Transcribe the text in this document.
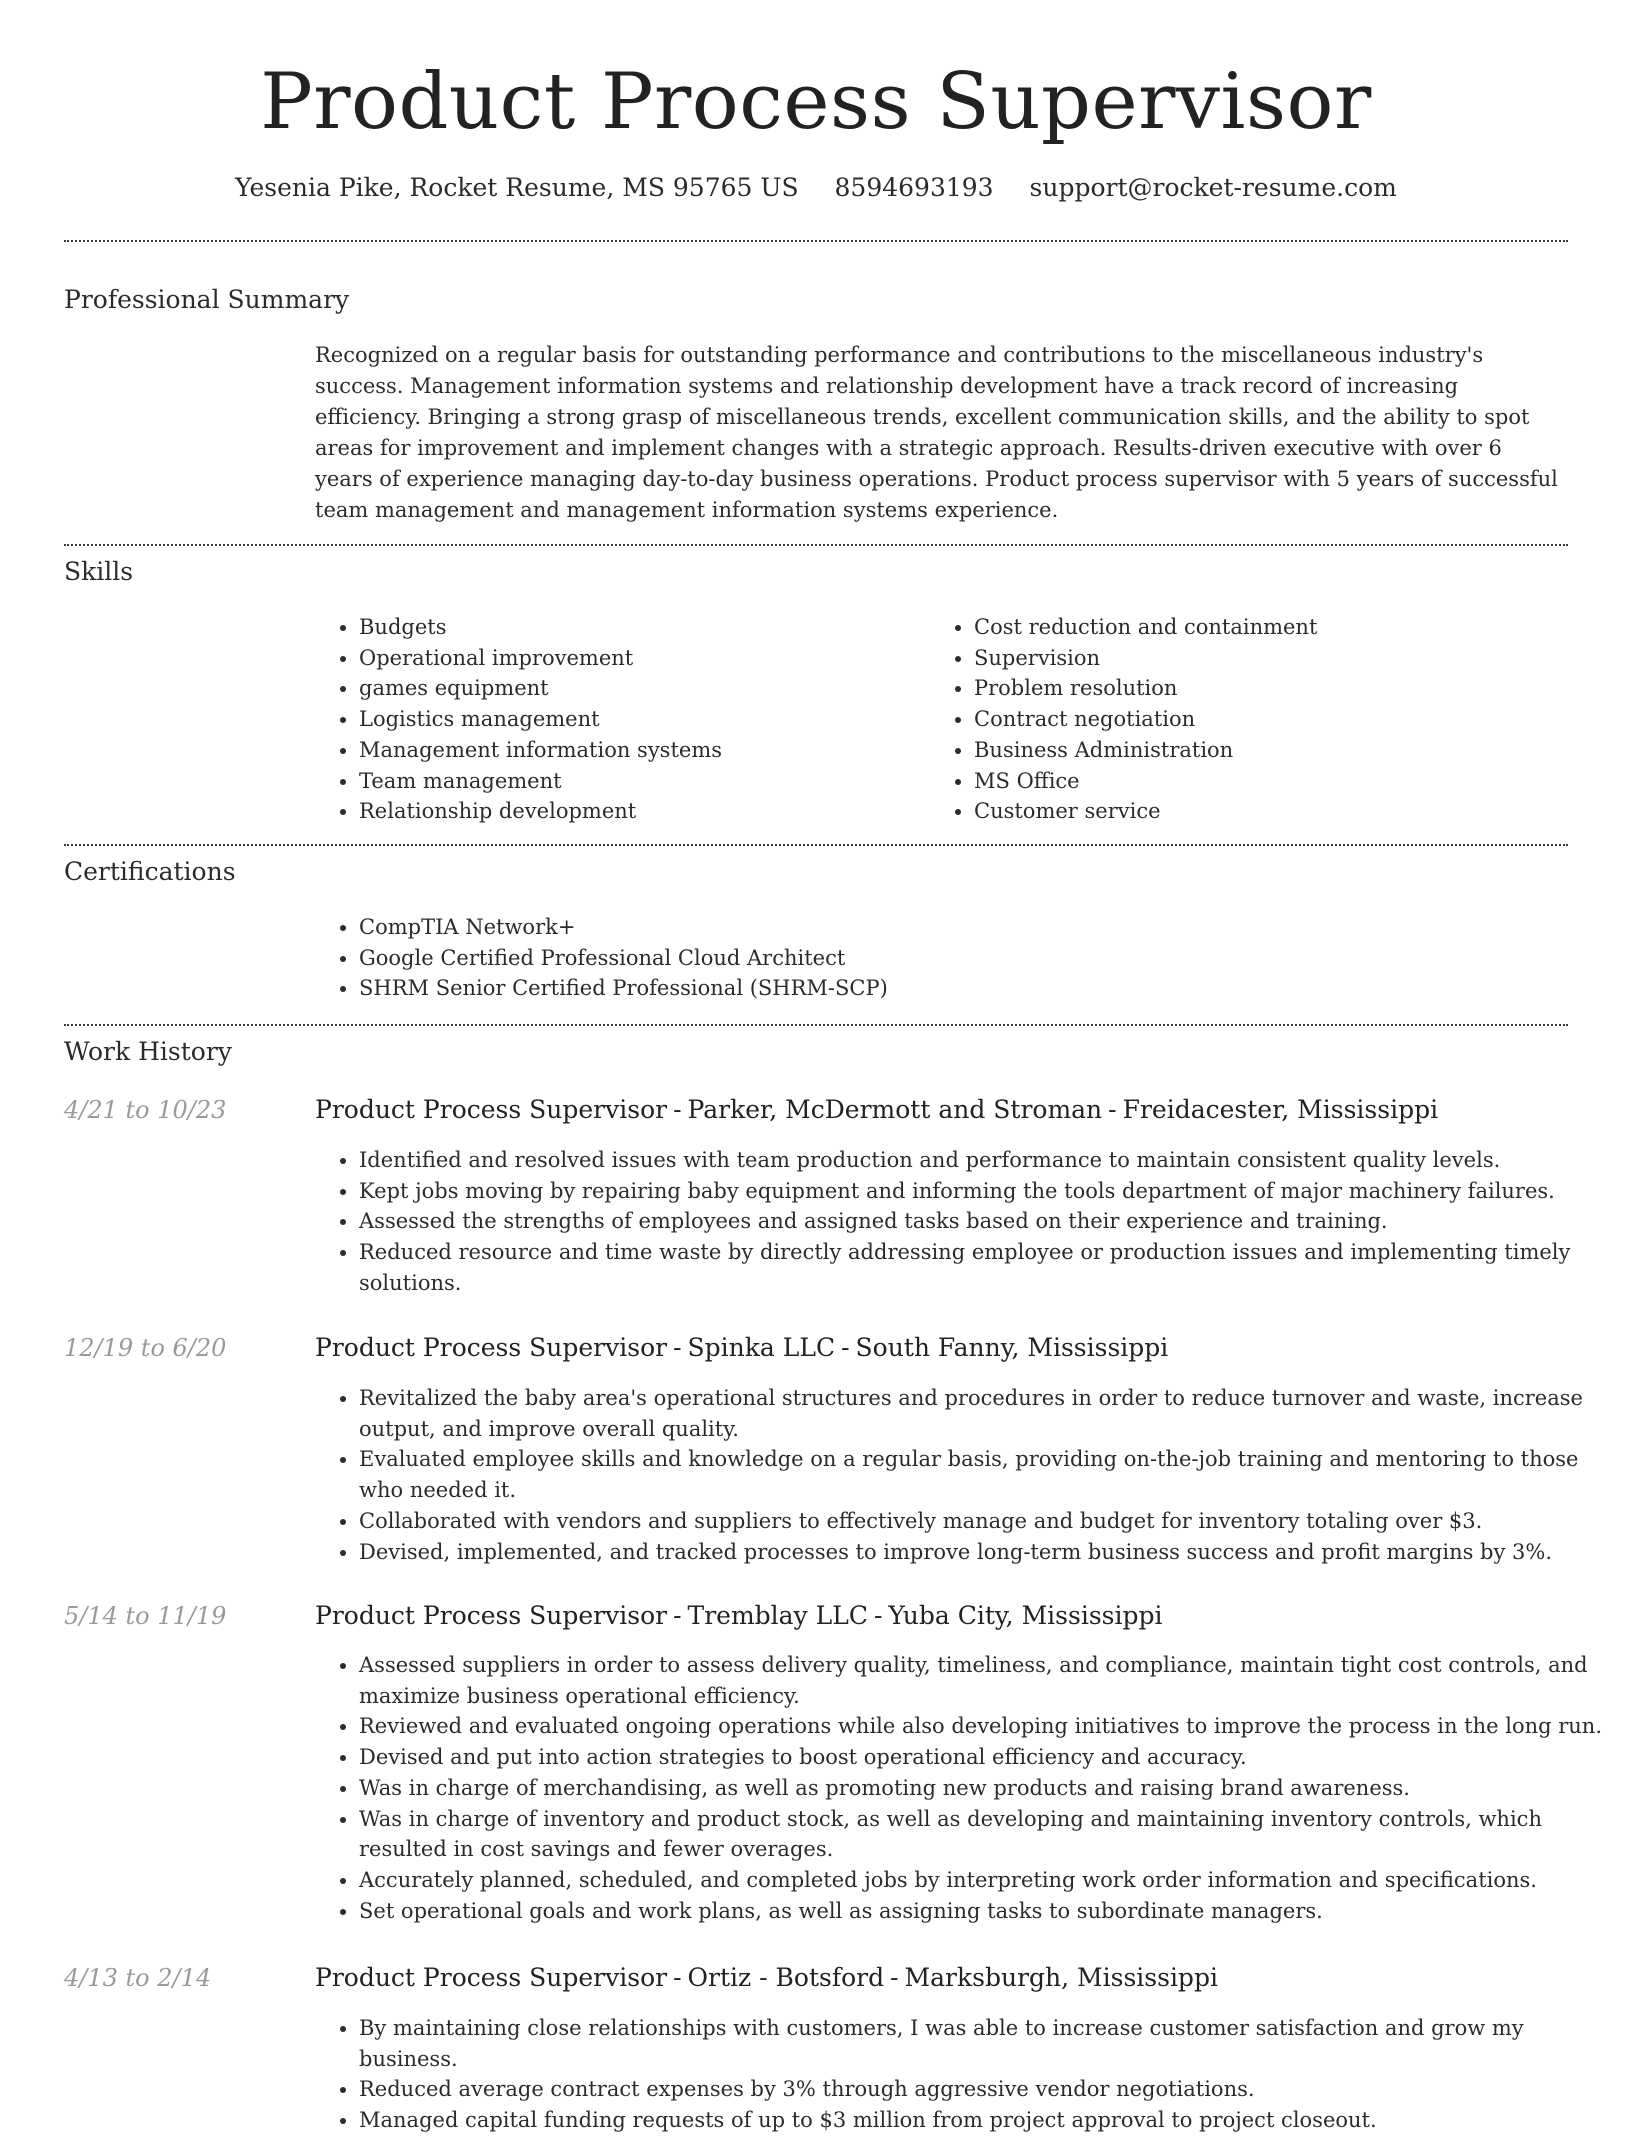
Product Process Supervisor
Yesenia Pike, Rocket Resume, MS 95765 US 8594693193 support@rocket-resume.com
Professional Summary

Recognized on a regular basis for outstanding performance and contributions to the miscellaneous industry's success. Management information systems and relationship development have a track record of increasing efficiency. Bringing a strong grasp of miscellaneous trends, excellent communication skills, and the ability to spot areas for improvement and implement changes with a strategic approach. Results-driven executive with over 6 years of experience managing day-to-day business operations. Product process supervisor with 5 years of successful team management and management information systems experience.

Skills
• Budgets
• Operational improvement
• games equipment
• Logistics management
• Management information systems
• Team management
• Relationship development
• Cost reduction and containment
• Supervision
• Problem resolution
• Contract negotiation
• Business Administration
• MS Office
• Customer service
Certifications
• CompTIA Network+
• Google Certified Professional Cloud Architect
• SHRM Senior Certified Professional (SHRM-SCP)
Work History
4/21 to 10/23	Product Process Supervisor - Parker, McDermott and Stroman - Freidacester, Mississippi
• Identified and resolved issues with team production and performance to maintain consistent quality levels.
• Kept jobs moving by repairing baby equipment and informing the tools department of major machinery failures.
• Assessed the strengths of employees and assigned tasks based on their experience and training.
• Reduced resource and time waste by directly addressing employee or production issues and implementing timely solutions.
12/19 to 6/20	Product Process Supervisor - Spinka LLC - South Fanny, Mississippi
• Revitalized the baby area's operational structures and procedures in order to reduce turnover and waste, increase output, and improve overall quality.
• Evaluated employee skills and knowledge on a regular basis, providing on-the-job training and mentoring to those who needed it.
• Collaborated with vendors and suppliers to effectively manage and budget for inventory totaling over $3.
• Devised, implemented, and tracked processes to improve long-term business success and profit margins by 3%.
5/14 to 11/19	Product Process Supervisor - Tremblay LLC - Yuba City, Mississippi
• Assessed suppliers in order to assess delivery quality, timeliness, and compliance, maintain tight cost controls, and maximize business operational efficiency.
• Reviewed and evaluated ongoing operations while also developing initiatives to improve the process in the long run.
• Devised and put into action strategies to boost operational efficiency and accuracy.
• Was in charge of merchandising, as well as promoting new products and raising brand awareness.
• Was in charge of inventory and product stock, as well as developing and maintaining inventory controls, which resulted in cost savings and fewer overages.
• Accurately planned, scheduled, and completed jobs by interpreting work order information and specifications.
• Set operational goals and work plans, as well as assigning tasks to subordinate managers.
4/13 to 2/14	Product Process Supervisor - Ortiz - Botsford - Marksburgh, Mississippi
• By maintaining close relationships with customers, I was able to increase customer satisfaction and grow my business.
• Reduced average contract expenses by 3% through aggressive vendor negotiations.
• Managed capital funding requests of up to $3 million from project approval to project closeout.
